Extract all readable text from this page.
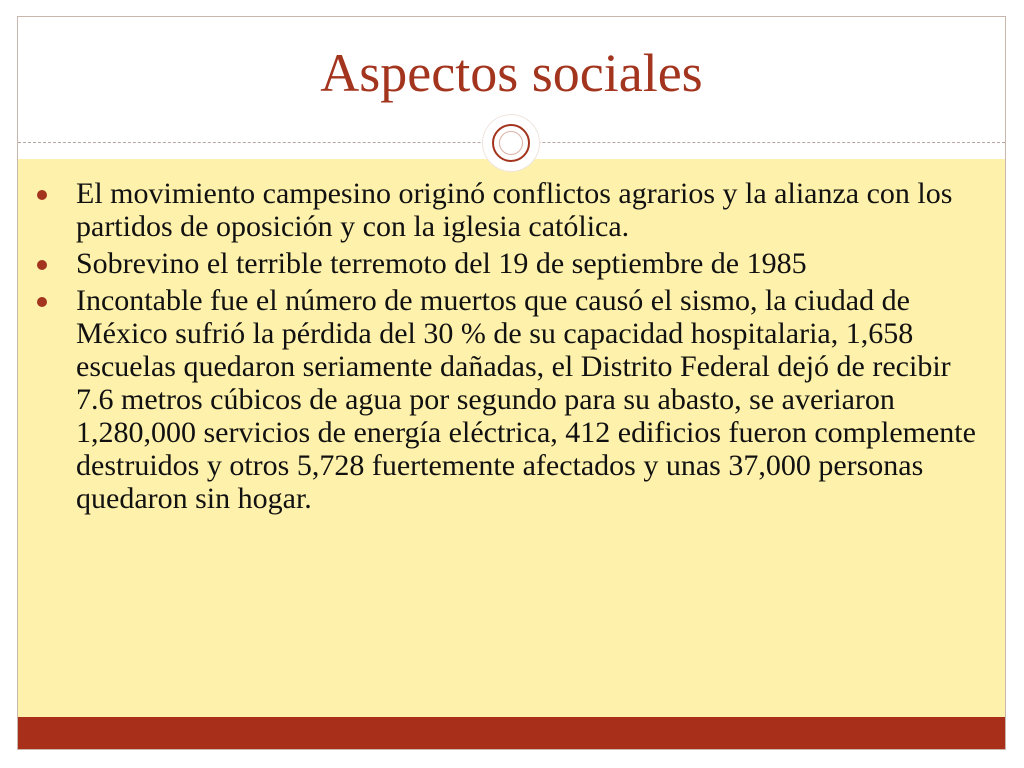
Aspectos sociales
El movimiento campesino originó conflictos agrarios y la alianza con los partidos de oposición y con la iglesia católica.
Sobrevino el terrible terremoto del 19 de septiembre de 1985
Incontable fue el número de muertos que causó el sismo, la ciudad de México sufrió la pérdida del 30 % de su capacidad hospitalaria, 1,658 escuelas quedaron seriamente dañadas, el Distrito Federal dejó de recibir 7.6 metros cúbicos de agua por segundo para su abasto, se averiaron 1,280,000 servicios de energía eléctrica, 412 edificios fueron complemente destruidos y otros 5,728 fuertemente afectados y unas 37,000 personas quedaron sin hogar.
